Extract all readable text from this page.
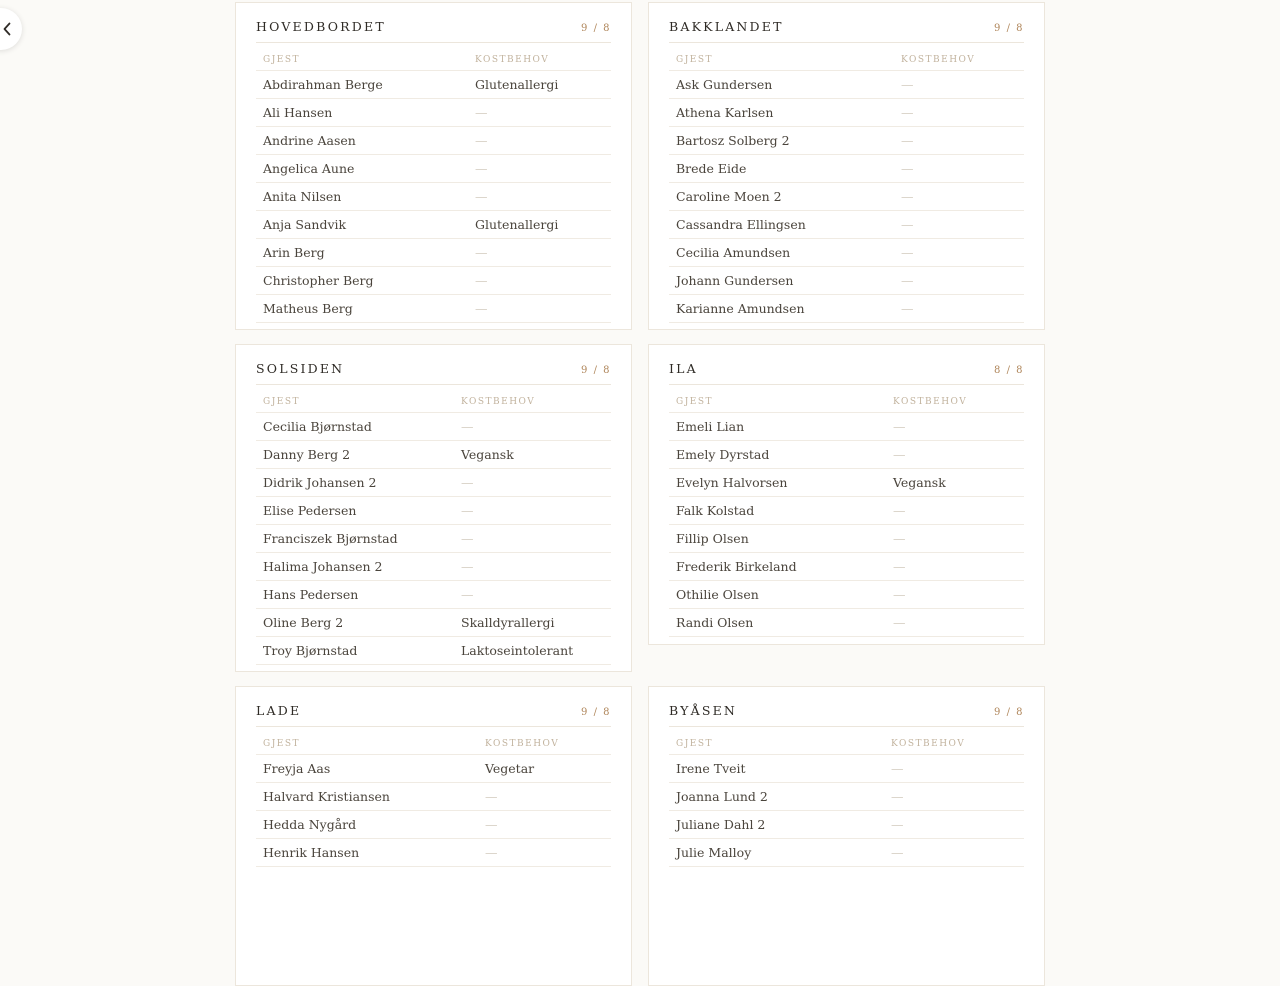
HOVEDBORDET	9 / 8
GJEST	KOSTBEHOV
Abdirahman Berge	Glutenallergi
Ali Hansen	—
Andrine Aasen	—
Angelica Aune	—
Anita Nilsen	—
Anja Sandvik	Glutenallergi
Arin Berg	—
Christopher Berg	—
Matheus Berg	—
BAKKLANDET	9 / 8
GJEST	KOSTBEHOV
Ask Gundersen	—
Athena Karlsen	—
Bartosz Solberg 2	—
Brede Eide	—
Caroline Moen 2	—
Cassandra Ellingsen	—
Cecilia Amundsen	—
Johann Gundersen	—
Karianne Amundsen	—
SOLSIDEN	9 / 8
GJEST	KOSTBEHOV
Cecilia Bjørnstad	—
Danny Berg 2	Vegansk
Didrik Johansen 2	—
Elise Pedersen	—
Franciszek Bjørnstad	—
Halima Johansen 2	—
Hans Pedersen	—
Oline Berg 2	Skalldyrallergi
Troy Bjørnstad	Laktoseintolerant
ILA	8 / 8
GJEST	KOSTBEHOV
Emeli Lian	—
Emely Dyrstad	—
Evelyn Halvorsen	Vegansk
Falk Kolstad	—
Fillip Olsen	—
Frederik Birkeland	—
Othilie Olsen	—
Randi Olsen	—
LADE	9 / 8
GJEST	KOSTBEHOV
Freyja Aas	Vegetar
Halvard Kristiansen	—
Hedda Nygård	—
Henrik Hansen	—
BYÅSEN	9 / 8
GJEST	KOSTBEHOV
Irene Tveit	—
Joanna Lund 2	—
Juliane Dahl 2	—
Julie Malloy	—
